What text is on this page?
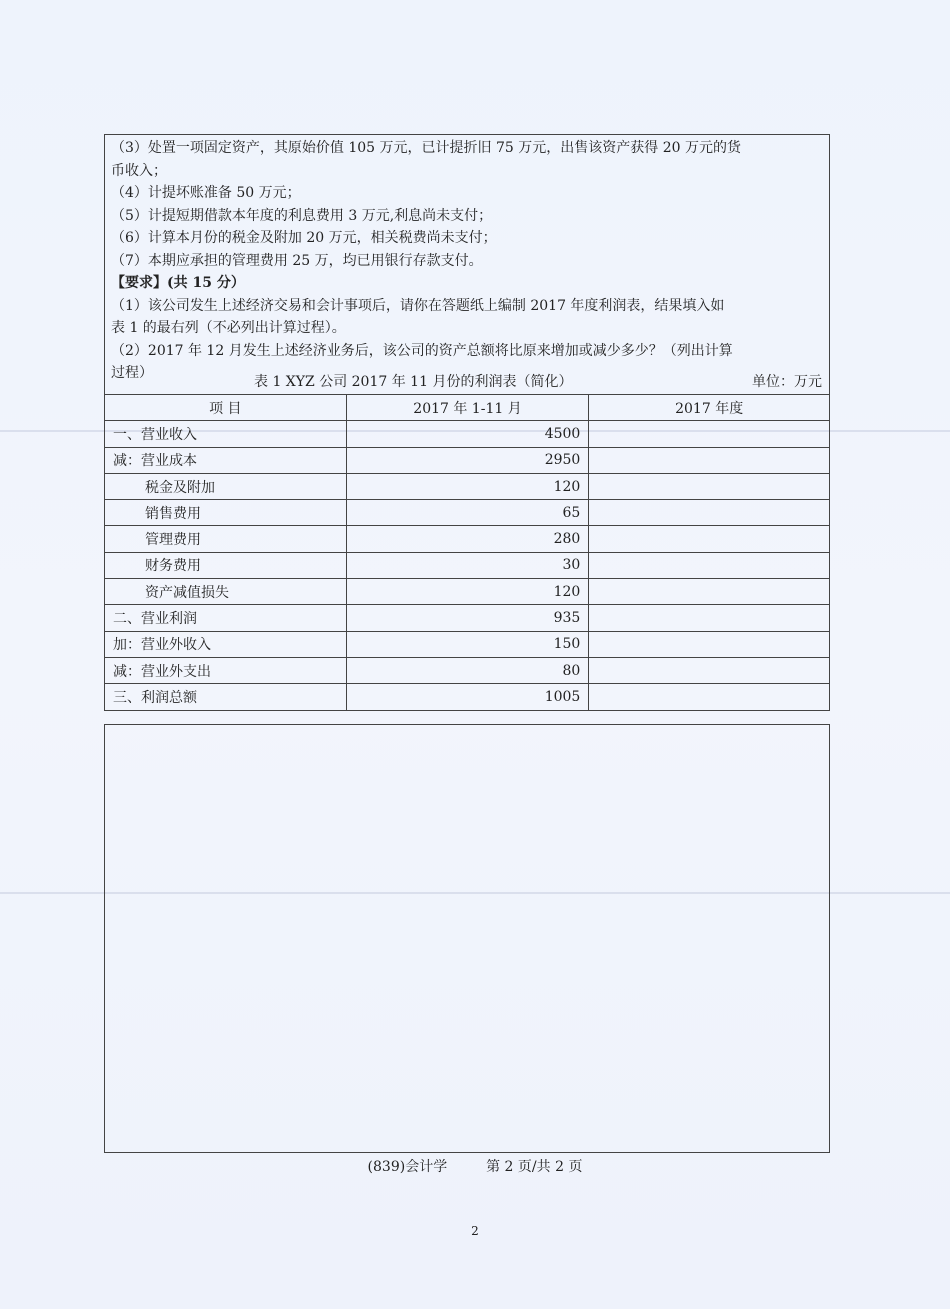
（3）处置一项固定资产，其原始价值 105 万元，已计提折旧 75 万元，出售该资产获得 20 万元的货

币收入；

（4）计提坏账准备 50 万元；

（5）计提短期借款本年度的利息费用 3 万元,利息尚未支付；

（6）计算本月份的税金及附加 20 万元，相关税费尚未支付；

（7）本期应承担的管理费用 25 万，均已用银行存款支付。

【要求】(共 15 分）

（1）该公司发生上述经济交易和会计事项后，请你在答题纸上编制 2017 年度利润表，结果填入如

表 1 的最右列（不必列出计算过程）。

（2）2017 年 12 月发生上述经济业务后，该公司的资产总额将比原来增加或减少多少？（列出计算

过程）

表 1 XYZ 公司 2017 年 11 月份的利润表（简化）	单位：万元
项 目	2017 年 1-11 月	2017 年度
一、营业收入	4500	
减：营业成本	2950	
税金及附加	120	
销售费用	65	
管理费用	280	
财务费用	30	
资产减值损失	120	
二、营业利润	935	
加：营业外收入	150	
减：营业外支出	80	
三、利润总额	1005	
(839)会计学	第 2 页/共 2 页
2
